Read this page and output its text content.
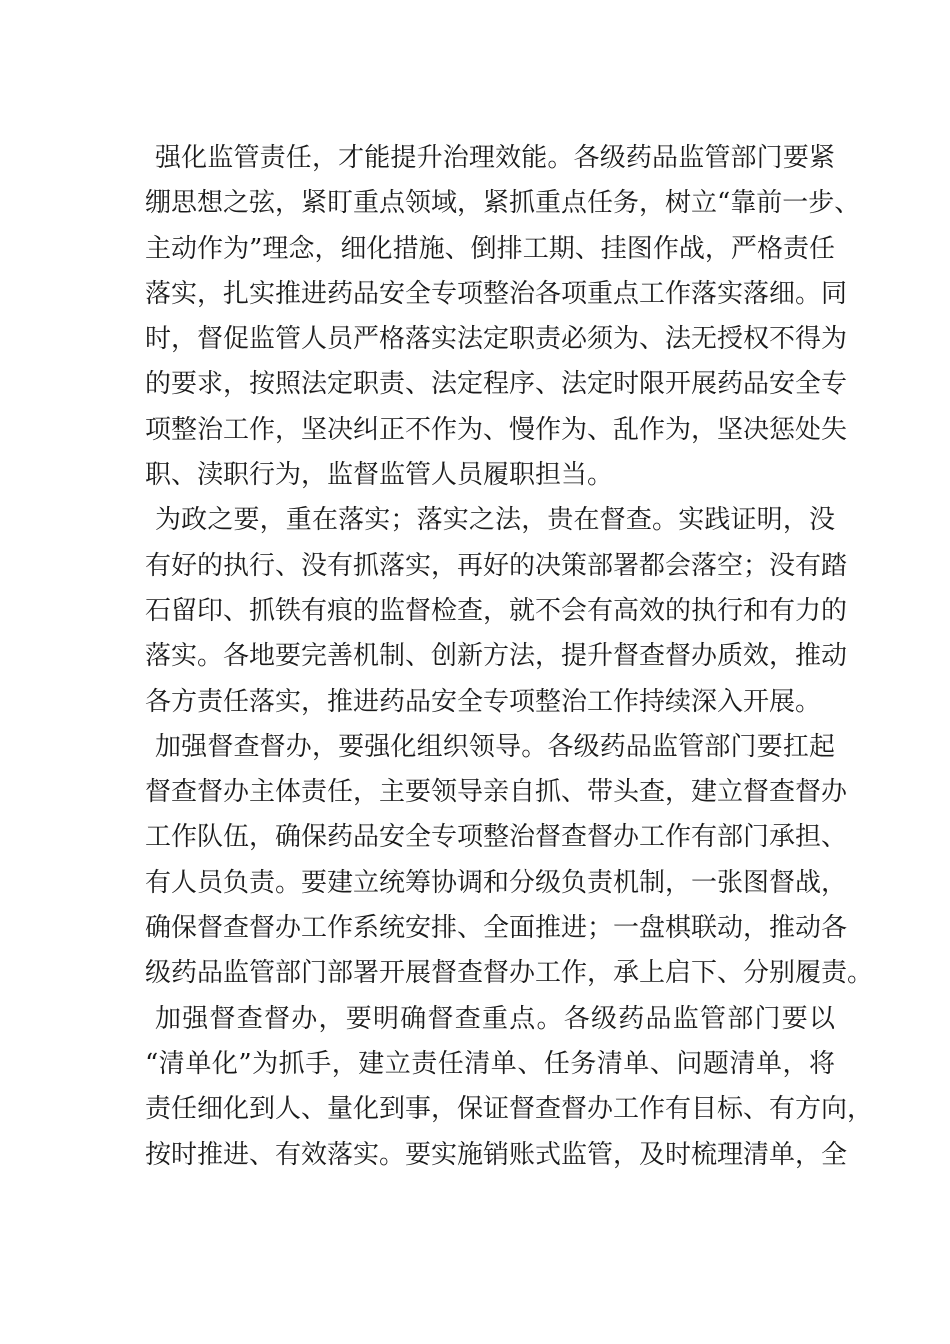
强化监管责任，才能提升治理效能。各级药品监管部门要紧
绷思想之弦，紧盯重点领域，紧抓重点任务，树立“靠前一步、
主动作为”理念，细化措施、倒排工期、挂图作战，严格责任
落实，扎实推进药品安全专项整治各项重点工作落实落细。同
时，督促监管人员严格落实法定职责必须为、法无授权不得为
的要求，按照法定职责、法定程序、法定时限开展药品安全专
项整治工作，坚决纠正不作为、慢作为、乱作为，坚决惩处失
职、渎职行为，监督监管人员履职担当。
为政之要，重在落实；落实之法，贵在督查。实践证明，没
有好的执行、没有抓落实，再好的决策部署都会落空；没有踏
石留印、抓铁有痕的监督检查，就不会有高效的执行和有力的
落实。各地要完善机制、创新方法，提升督查督办质效，推动
各方责任落实，推进药品安全专项整治工作持续深入开展。
加强督查督办，要强化组织领导。各级药品监管部门要扛起
督查督办主体责任，主要领导亲自抓、带头查，建立督查督办
工作队伍，确保药品安全专项整治督查督办工作有部门承担、
有人员负责。要建立统筹协调和分级负责机制，一张图督战，
确保督查督办工作系统安排、全面推进；一盘棋联动，推动各
级药品监管部门部署开展督查督办工作，承上启下、分别履责。
加强督查督办，要明确督查重点。各级药品监管部门要以
“清单化”为抓手，建立责任清单、任务清单、问题清单，将
责任细化到人、量化到事，保证督查督办工作有目标、有方向，
按时推进、有效落实。要实施销账式监管，及时梳理清单，全
